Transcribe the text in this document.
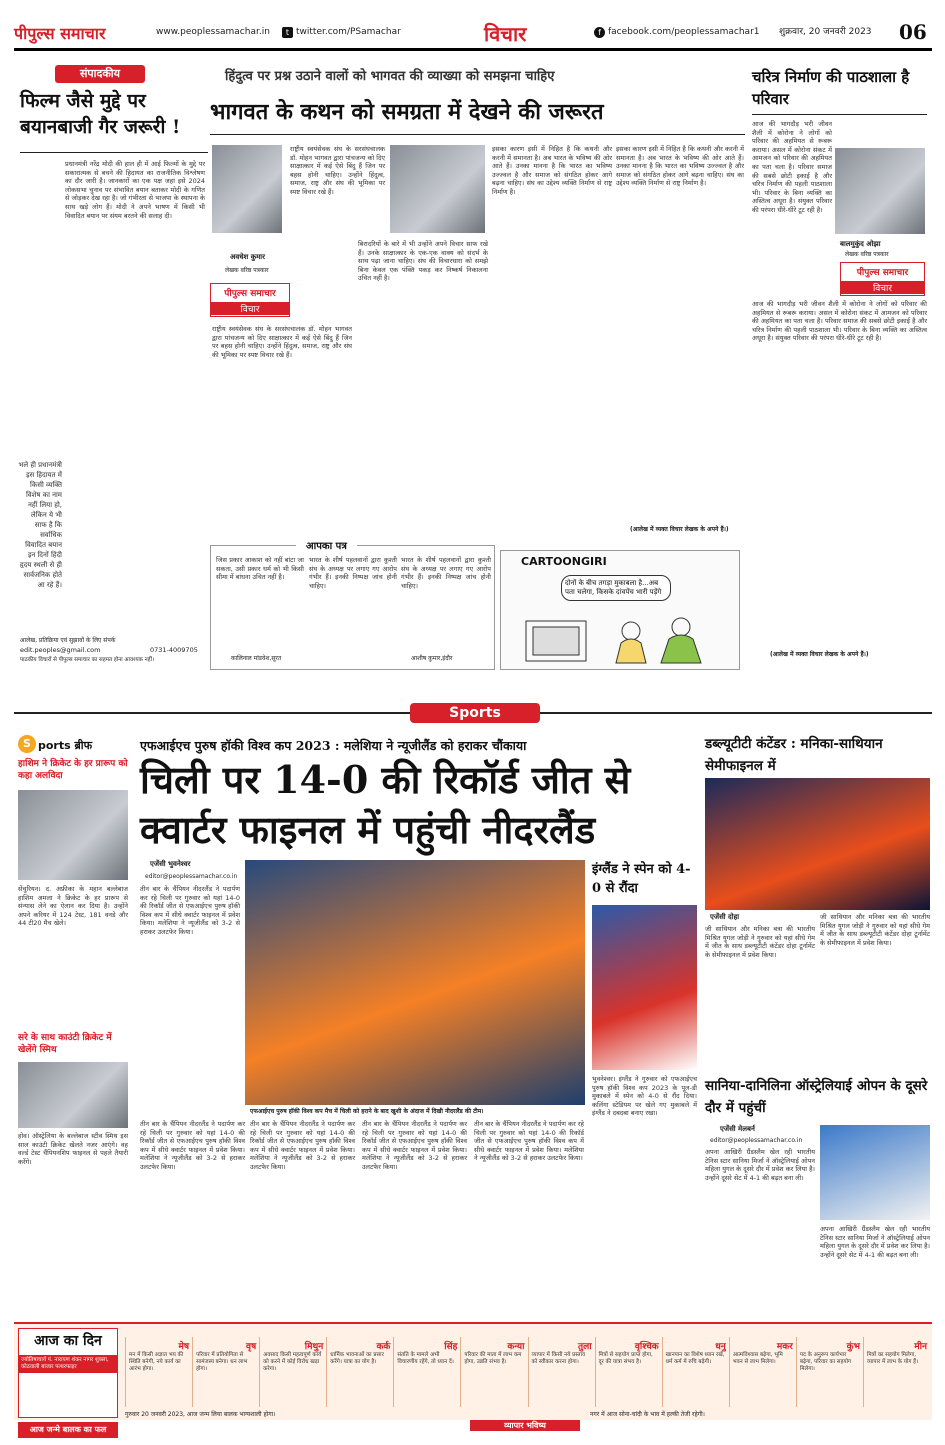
पीपुल्स समाचार	www.peoplessamachar.in	t twitter.com/PSamachar	विचार	f facebook.com/peoplessamachar1 शुक्रवार, 20 जनवरी 2023 06
संपादकीय
फिल्म जैसे मुद्दे पर बयानबाजी गैर जरूरी !
प्रधानमंत्री नरेंद्र मोदी की हाल ही में आई फिल्मों के मुद्दे पर सकारात्मक से बचने की हिदायत का राजनीतिक विश्लेषण का दौर जारी है। जानकारों का एक पक्ष जहां इसे 2024 लोकसभा चुनाव पर संभावित बयान बताकर मोदी के गणित से जोड़कर देख रहा है। जो गंभीरता से भाजपा के स्थापना के साथ खड़े लोग हैं। मोदी ने अपने भाषण में किसी भी विवादित बयान पर संयम बरतने की सलाह दी।
भले ही प्रधानमंत्री इस हिदायत में किसी व्यक्ति विशेष का नाम नहीं लिया हो, लेकिन ये भी साफ है कि सर्वाधिक विवादित बयान इन दिनों हिंदी हृदय स्थली से ही सार्वजनिक होते आ रहे हैं।
आलेख, प्रतिक्रिया एवं सुझावों के लिए संपर्क
edit.peoples@gmail.com	0731-4009705
पाठकीय विचारों से पीपुल्स समाचार का सहमत होना आवश्यक नहीं।
हिंदुत्व पर प्रश्न उठाने वालों को भागवत की व्याख्या को समझना चाहिए
भागवत के कथन को समग्रता में देखने की जरूरत
अवधेश कुमार
लेखक वरिष्ठ पत्रकार
पीपुल्स समाचार
विचार
राष्ट्रीय स्वयंसेवक संघ के सरसंघचालक डॉ. मोहन भागवत द्वारा पांचजन्य को दिए साक्षात्कार में कई ऐसे बिंदु हैं जिन पर बहस होनी चाहिए। उन्होंने हिंदुत्व, समाज, राष्ट्र और संघ की भूमिका पर स्पष्ट विचार रखे हैं।
राष्ट्रीय स्वयंसेवक संघ के सरसंघचालक डॉ. मोहन भागवत द्वारा पांचजन्य को दिए साक्षात्कार में कई ऐसे बिंदु हैं जिन पर बहस होनी चाहिए। उन्होंने हिंदुत्व, समाज, राष्ट्र और संघ की भूमिका पर स्पष्ट विचार रखे हैं।
बिरादरियों के बारे में भी उन्होंने अपने विचार साफ रखे हैं। उनके साक्षात्कार के एक-एक वाक्य को संदर्भ के साथ पढ़ा जाना चाहिए। संघ की विचारधारा को समझे बिना केवल एक पंक्ति पकड़ कर निष्कर्ष निकालना उचित नहीं है।
इसका कारण इसी में निहित है कि कथनी और करनी में समानता है। अब भारत के भविष्य की ओर आते हैं। उनका मानना है कि भारत का भविष्य उज्ज्वल है और समाज को संगठित होकर आगे बढ़ना चाहिए। संघ का उद्देश्य व्यक्ति निर्माण से राष्ट्र निर्माण है।
इसका कारण इसी में निहित है कि कथनी और करनी में समानता है। अब भारत के भविष्य की ओर आते हैं। उनका मानना है कि भारत का भविष्य उज्ज्वल है और समाज को संगठित होकर आगे बढ़ना चाहिए। संघ का उद्देश्य व्यक्ति निर्माण से राष्ट्र निर्माण है।
(आलेख में व्यक्त विचार लेखक के अपने हैं।)
चरित्र निर्माण की पाठशाला है परिवार
बालमुकुंद ओझा
लेखक वरिष्ठ पत्रकार
पीपुल्स समाचार
विचार
आज की भागदौड़ भरी जीवन शैली में कोरोना ने लोगों को परिवार की अहमियत से रूबरू कराया। असल में कोरोना संकट में आमजन को परिवार की अहमियत का पता चला है। परिवार समाज की सबसे छोटी इकाई है और चरित्र निर्माण की पहली पाठशाला भी। परिवार के बिना व्यक्ति का अस्तित्व अधूरा है। संयुक्त परिवार की परंपरा धीरे-धीरे टूट रही है।
आज की भागदौड़ भरी जीवन शैली में कोरोना ने लोगों को परिवार की अहमियत से रूबरू कराया। असल में कोरोना संकट में आमजन को परिवार की अहमियत का पता चला है। परिवार समाज की सबसे छोटी इकाई है और चरित्र निर्माण की पहली पाठशाला भी। परिवार के बिना व्यक्ति का अस्तित्व अधूरा है। संयुक्त परिवार की परंपरा धीरे-धीरे टूट रही है।
(आलेख में व्यक्त विचार लेखक के अपने हैं।)
आपका पत्र
जिस प्रकार आकाश को नहीं बांटा जा सकता, उसी प्रकार धर्म को भी किसी सीमा में बांधना उचित नहीं है।
कालिनाल मांडवेश,सूरत
भारत के शीर्ष पहलवानों द्वारा कुश्ती संघ के अध्यक्ष पर लगाए गए आरोप गंभीर हैं। इनकी निष्पक्ष जांच होनी चाहिए।
भारत के शीर्ष पहलवानों द्वारा कुश्ती संघ के अध्यक्ष पर लगाए गए आरोप गंभीर हैं। इनकी निष्पक्ष जांच होनी चाहिए।
आशीष कुमार,इंदौर
CARTOONGIRI
दोनों के बीच तगड़ा मुकाबला है...अब पता चलेगा, किसके दांवपेंच भारी पड़ेंगे
Sports
S ports ब्रीफ
हाशिम ने क्रिकेट के हर प्रारूप को कहा अलविदा
सेंचुरियन। द. अफ्रीका के महान बल्लेबाज हाशिम अमला ने क्रिकेट के हर प्रारूप से संन्यास लेने का ऐलान कर दिया है। उन्होंने अपने करियर में 124 टेस्ट, 181 वनडे और 44 टी20 मैच खेले।
सरे के साथ काउंटी क्रिकेट में खेलेंगे स्मिथ
होव। ऑस्ट्रेलिया के बल्लेबाज स्टीव स्मिथ इस साल काउंटी क्रिकेट खेलते नजर आएंगे। वह वर्ल्ड टेस्ट चैंपियनशिप फाइनल से पहले तैयारी करेंगे।
एफआईएच पुरुष हॉकी विश्व कप 2023 : मलेशिया ने न्यूजीलैंड को हराकर चौंकाया
चिली पर 14-0 की रिकॉर्ड जीत से क्वार्टर फाइनल में पहुंची नीदरलैंड
एजेंसी भुवनेश्वर
editor@peoplessamachar.co.in
तीन बार के चैंपियन नीदरलैंड ने पदार्पण कर रहे चिली पर गुरुवार को यहां 14-0 की रिकॉर्ड जीत से एफआईएच पुरुष हॉकी विश्व कप में सीधे क्वार्टर फाइनल में प्रवेश किया। मलेशिया ने न्यूजीलैंड को 3-2 से हराकर उलटफेर किया।
एफआईएच पुरुष हॉकी विश्व कप मैच में चिली को हराने के बाद खुशी के अंदाज में दिखी नीदरलैंड की टीम।
तीन बार के चैंपियन नीदरलैंड ने पदार्पण कर रहे चिली पर गुरुवार को यहां 14-0 की रिकॉर्ड जीत से एफआईएच पुरुष हॉकी विश्व कप में सीधे क्वार्टर फाइनल में प्रवेश किया। मलेशिया ने न्यूजीलैंड को 3-2 से हराकर उलटफेर किया।
तीन बार के चैंपियन नीदरलैंड ने पदार्पण कर रहे चिली पर गुरुवार को यहां 14-0 की रिकॉर्ड जीत से एफआईएच पुरुष हॉकी विश्व कप में सीधे क्वार्टर फाइनल में प्रवेश किया। मलेशिया ने न्यूजीलैंड को 3-2 से हराकर उलटफेर किया।
तीन बार के चैंपियन नीदरलैंड ने पदार्पण कर रहे चिली पर गुरुवार को यहां 14-0 की रिकॉर्ड जीत से एफआईएच पुरुष हॉकी विश्व कप में सीधे क्वार्टर फाइनल में प्रवेश किया। मलेशिया ने न्यूजीलैंड को 3-2 से हराकर उलटफेर किया।
तीन बार के चैंपियन नीदरलैंड ने पदार्पण कर रहे चिली पर गुरुवार को यहां 14-0 की रिकॉर्ड जीत से एफआईएच पुरुष हॉकी विश्व कप में सीधे क्वार्टर फाइनल में प्रवेश किया। मलेशिया ने न्यूजीलैंड को 3-2 से हराकर उलटफेर किया।
इंग्लैंड ने स्पेन को 4-0 से रौंदा
भुवनेश्वर। इंग्लैंड ने गुरुवार को एफआईएच पुरुष हॉकी विश्व कप 2023 के पूल-डी मुकाबले में स्पेन को 4-0 से रौंद दिया। कलिंगा स्टेडियम पर खेले गए मुकाबले में इंग्लैंड ने दबदबा बनाए रखा।
डब्ल्यूटीटी कंटेंडर : मनिका-साथियान सेमीफाइनल में
एजेंसी दोहा
जी साथियान और मनिका बत्रा की भारतीय मिश्रित युगल जोड़ी ने गुरुवार को यहां सीधे गेम में जीत के साथ डब्ल्यूटीटी कंटेंडर दोहा टूर्नामेंट के सेमीफाइनल में प्रवेश किया।
जी साथियान और मनिका बत्रा की भारतीय मिश्रित युगल जोड़ी ने गुरुवार को यहां सीधे गेम में जीत के साथ डब्ल्यूटीटी कंटेंडर दोहा टूर्नामेंट के सेमीफाइनल में प्रवेश किया।
सानिया-दानिलिना ऑस्ट्रेलियाई ओपन के दूसरे दौर में पहुंचीं
एजेंसी मेलबर्न
editor@peoplessamachar.co.in
अपना आखिरी ग्रैंडस्लैम खेल रही भारतीय टेनिस स्टार सानिया मिर्जा ने ऑस्ट्रेलियाई ओपन महिला युगल के दूसरे दौर में प्रवेश कर लिया है। उन्होंने दूसरे सेट में 4-1 की बढ़त बना ली।
अपना आखिरी ग्रैंडस्लैम खेल रही भारतीय टेनिस स्टार सानिया मिर्जा ने ऑस्ट्रेलियाई ओपन महिला युगल के दूसरे दौर में प्रवेश कर लिया है। उन्होंने दूसरे सेट में 4-1 की बढ़त बना ली।
आज का दिन
ज्योतिषाचार्य पं. नारायण शंकर नागर शुक्ला, कोठवाली बाजार पत्थरफाइर
मेष
मन में किसी अज्ञात भय की स्थिति बनेगी, नये कार्य का आरंभ होगा।
वृष
परिवार में प्रतियोगिता से सामंजस्य बनेगा। धन लाभ होगा।
मिथुन
अवसाद किसी महत्वपूर्ण कार्य को करने में कोई विरोध खड़ा करेगा।
कर्क
धार्मिक भावनाओं का प्रसार करेंगे। यात्रा का योग है।
सिंह
संतति के मामले अभी विचारणीय रहेंगे, तो ध्यान दें।
कन्या
परिवार की माता में लाभ कम होगा, उन्नति संभव है।
तुला
व्यापार में किसी नये प्रस्ताव को स्वीकार करना होगा।
वृश्चिक
मित्रों से सहयोग प्राप्त होगा, दूर की यात्रा संभव है।
धनु
खानपान का विशेष ध्यान रखें, धर्म कर्म में रुचि बढ़ेगी।
मकर
आत्मविश्वास बढ़ेगा, भूमि भवन से लाभ मिलेगा।
कुंभ
पद के अनुरूप कार्यभार बढ़ेगा, परिवार का सहयोग मिलेगा।
मीन
मित्रों का सहयोग मिलेगा, व्यापार में लाभ के योग हैं।
गुरुवार 20 जनवरी 2023, आज जन्म लिया बालक भाग्यशाली होगा।
व्यापार भविष्य
नगर में आज सोना-चांदी के भाव में हल्की तेजी रहेगी।
आज जन्मे बालक का फल
